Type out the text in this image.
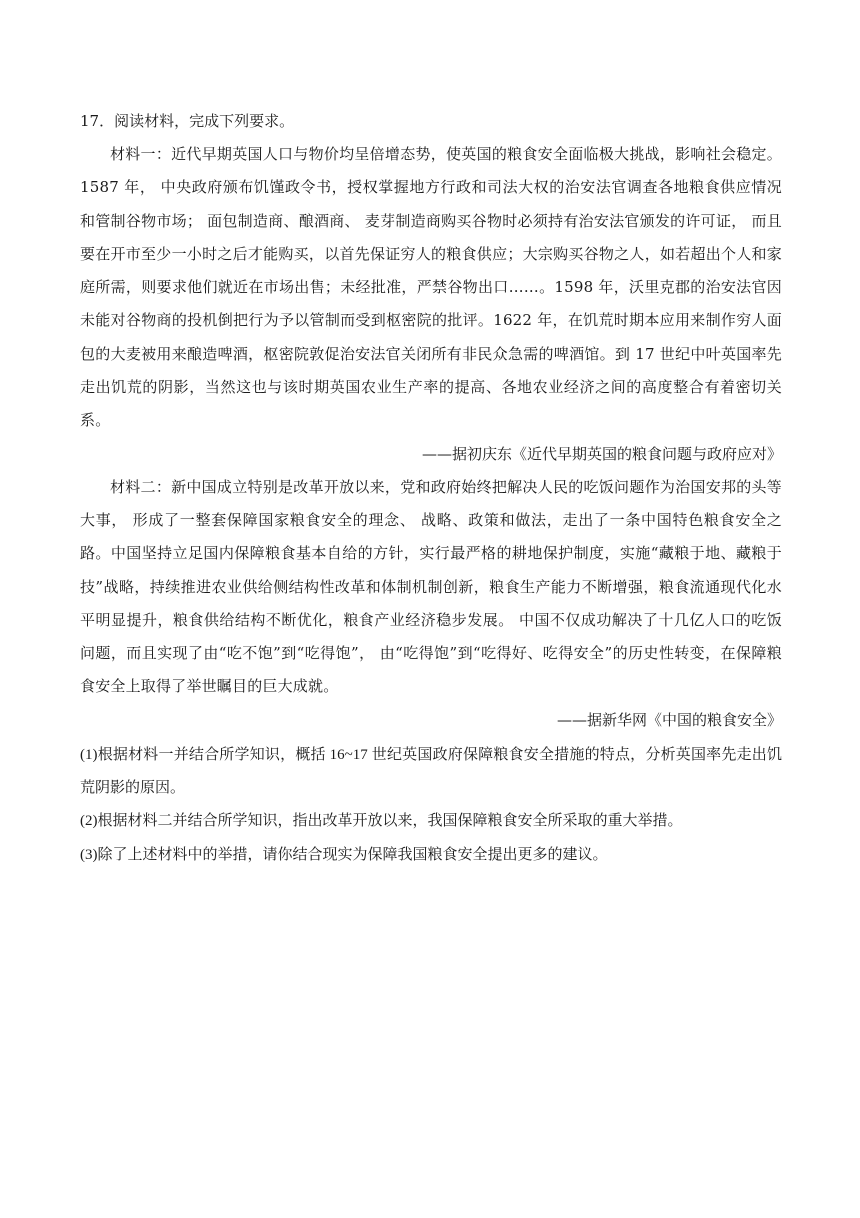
17．阅读材料，完成下列要求。

材料一：近代早期英国人口与物价均呈倍增态势，使英国的粮食安全面临极大挑战，影响社会稳定。1587 年， 中央政府颁布饥馑政令书，授权掌握地方行政和司法大权的治安法官调查各地粮食供应情况和管制谷物市场； 面包制造商、酿酒商、 麦芽制造商购买谷物时必须持有治安法官颁发的许可证， 而且要在开市至少一小时之后才能购买，以首先保证穷人的粮食供应；大宗购买谷物之人，如若超出个人和家庭所需，则要求他们就近在市场出售；未经批准，严禁谷物出口……。1598 年，沃里克郡的治安法官因未能对谷物商的投机倒把行为予以管制而受到枢密院的批评。1622 年，在饥荒时期本应用来制作穷人面包的大麦被用来酿造啤酒，枢密院敦促治安法官关闭所有非民众急需的啤酒馆。到 17 世纪中叶英国率先走出饥荒的阴影，当然这也与该时期英国农业生产率的提高、各地农业经济之间的高度整合有着密切关系。

——据初庆东《近代早期英国的粮食问题与政府应对》

材料二：新中国成立特别是改革开放以来，党和政府始终把解决人民的吃饭问题作为治国安邦的头等大事， 形成了一整套保障国家粮食安全的理念、 战略、政策和做法，走出了一条中国特色粮食安全之路。中国坚持立足国内保障粮食基本自给的方针，实行最严格的耕地保护制度，实施“藏粮于地、藏粮于技”战略，持续推进农业供给侧结构性改革和体制机制创新，粮食生产能力不断增强，粮食流通现代化水平明显提升，粮食供给结构不断优化，粮食产业经济稳步发展。 中国不仅成功解决了十几亿人口的吃饭问题，而且实现了由“吃不饱”到“吃得饱”， 由“吃得饱”到“吃得好、吃得安全”的历史性转变，在保障粮食安全上取得了举世瞩目的巨大成就。

——据新华网《中国的粮食安全》

(1)根据材料一并结合所学知识，概括 16~17 世纪英国政府保障粮食安全措施的特点，分析英国率先走出饥荒阴影的原因。

(2)根据材料二并结合所学知识，指出改革开放以来，我国保障粮食安全所采取的重大举措。

(3)除了上述材料中的举措，请你结合现实为保障我国粮食安全提出更多的建议。
